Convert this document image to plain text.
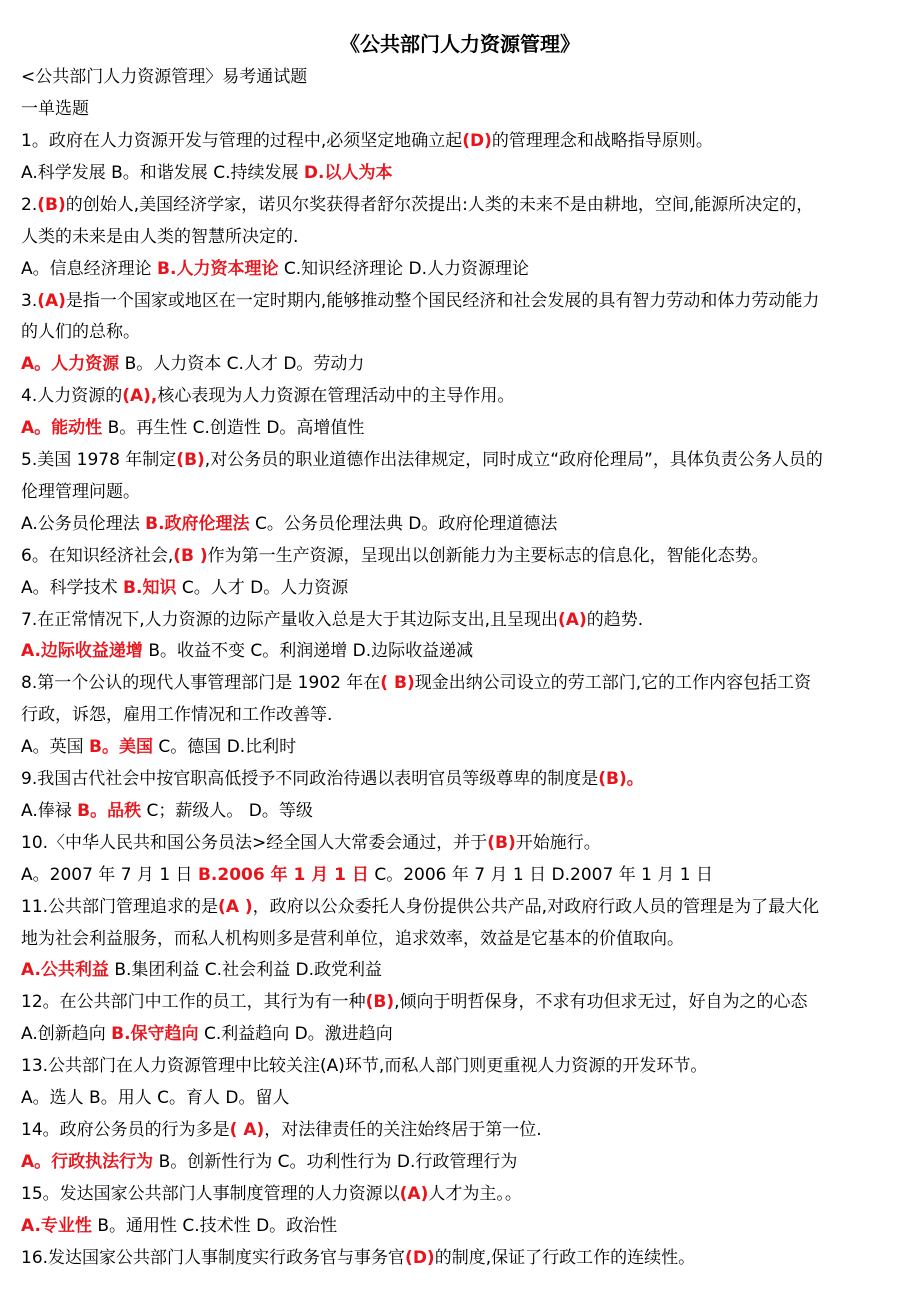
《公共部门人力资源管理》
<公共部门人力资源管理〉易考通试题
一单选题
1。政府在人力资源开发与管理的过程中,必须坚定地确立起(D)的管理理念和战略指导原则。
A.科学发展 B。和谐发展 C.持续发展 D.以人为本
2.(B)的创始人,美国经济学家，诺贝尔奖获得者舒尔茨提出:人类的未来不是由耕地，空间,能源所决定的，
人类的未来是由人类的智慧所决定的.
A。信息经济理论 B.人力资本理论 C.知识经济理论 D.人力资源理论
3.(A)是指一个国家或地区在一定时期内,能够推动整个国民经济和社会发展的具有智力劳动和体力劳动能力
的人们的总称。
A。人力资源 B。人力资本 C.人才 D。劳动力
4.人力资源的(A),核心表现为人力资源在管理活动中的主导作用。
A。能动性 B。再生性 C.创造性 D。高增值性
5.美国 1978 年制定(B),对公务员的职业道德作出法律规定，同时成立“政府伦理局”，具体负责公务人员的
伦理管理问题。
A.公务员伦理法 B.政府伦理法 C。公务员伦理法典 D。政府伦理道德法
6。在知识经济社会,(B )作为第一生产资源，呈现出以创新能力为主要标志的信息化，智能化态势。
A。科学技术 B.知识 C。人才 D。人力资源
7.在正常情况下,人力资源的边际产量收入总是大于其边际支出,且呈现出(A)的趋势.
A.边际收益递增 B。收益不变 C。利润递增 D.边际收益递减
8.第一个公认的现代人事管理部门是 1902 年在( B)现金出纳公司设立的劳工部门,它的工作内容包括工资
行政，诉怨，雇用工作情况和工作改善等.
A。英国 B。美国 C。德国 D.比利时
9.我国古代社会中按官职高低授予不同政治待遇以表明官员等级尊卑的制度是(B)。
A.俸禄 B。品秩 C；薪级人。 D。等级
10.〈中华人民共和国公务员法>经全国人大常委会通过，并于(B)开始施行。
A。2007 年 7 月 1 日 B.2006 年 1 月 1 日 C。2006 年 7 月 1 日 D.2007 年 1 月 1 日
11.公共部门管理追求的是(A )，政府以公众委托人身份提供公共产品,对政府行政人员的管理是为了最大化
地为社会利益服务，而私人机构则多是营利单位，追求效率，效益是它基本的价值取向。
A.公共利益 B.集团利益 C.社会利益 D.政党利益
12。在公共部门中工作的员工，其行为有一种(B),倾向于明哲保身，不求有功但求无过，好自为之的心态
A.创新趋向 B.保守趋向 C.利益趋向 D。激进趋向
13.公共部门在人力资源管理中比较关注(A)环节,而私人部门则更重视人力资源的开发环节。
A。选人 B。用人 C。育人 D。留人
14。政府公务员的行为多是( A)，对法律责任的关注始终居于第一位.
A。行政执法行为 B。创新性行为 C。功利性行为 D.行政管理行为
15。发达国家公共部门人事制度管理的人力资源以(A)人才为主。。
A.专业性 B。通用性 C.技术性 D。政治性
16.发达国家公共部门人事制度实行政务官与事务官(D)的制度,保证了行政工作的连续性。
